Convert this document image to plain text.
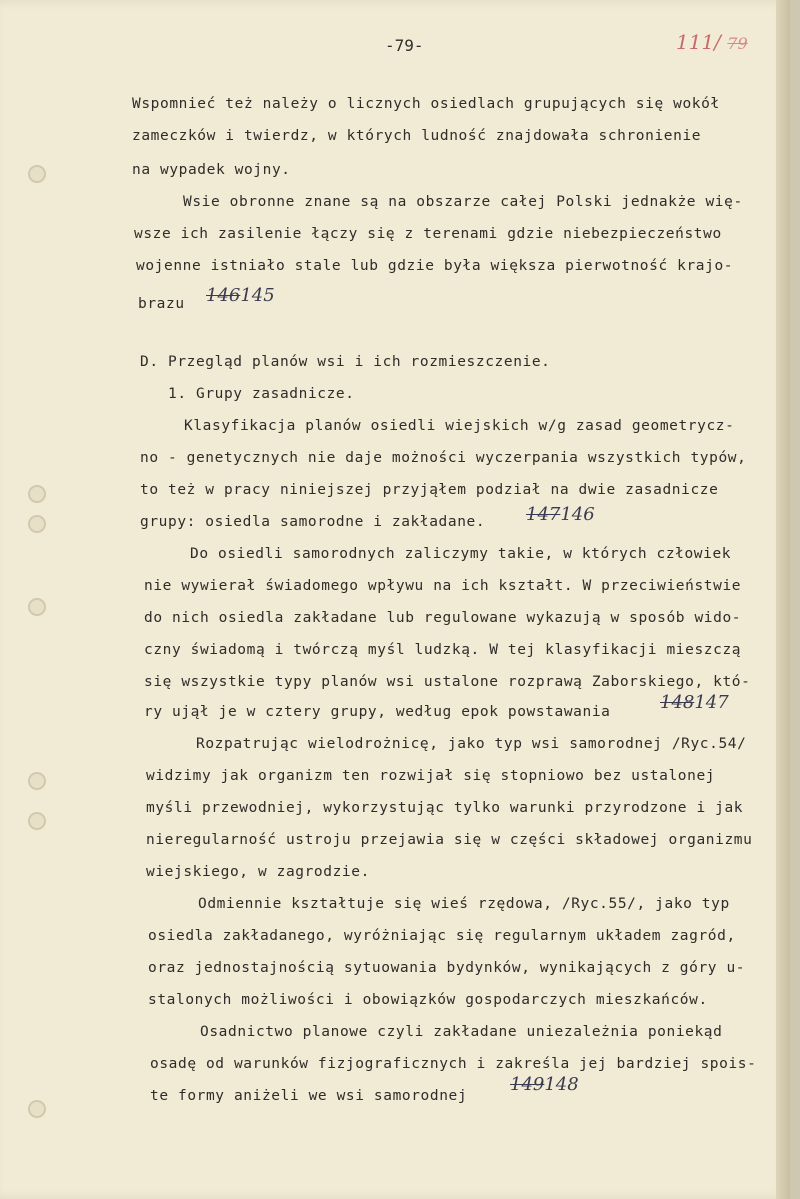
-79-	111/ 79
Wspomnieć też należy o licznych osiedlach grupujących się wokół
zameczków i twierdz, w których ludność znajdowała schronienie
na wypadek wojny.
Wsie obronne znane są na obszarze całej Polski jednakże wię-
wsze ich zasilenie łączy się z terenami gdzie niebezpieczeństwo
wojenne istniało stale lub gdzie była większa pierwotność krajo-
brazu 146145
D. Przegląd planów wsi i ich rozmieszczenie.
1. Grupy zasadnicze.
Klasyfikacja planów osiedli wiejskich w/g zasad geometrycz-
no - genetycznych nie daje możności wyczerpania wszystkich typów,
to też w pracy niniejszej przyjąłem podział na dwie zasadnicze
grupy: osiedla samorodne i zakładane. 147146
Do osiedli samorodnych zaliczymy takie, w których człowiek
nie wywierał świadomego wpływu na ich kształt. W przeciwieństwie
do nich osiedla zakładane lub regulowane wykazują w sposób wido-
czny świadomą i twórczą myśl ludzką. W tej klasyfikacji mieszczą
się wszystkie typy planów wsi ustalone rozprawą Zaborskiego, któ-
ry ujął je w cztery grupy, według epok powstawania	148147
Rozpatrując wielodrożnicę, jako typ wsi samorodnej /Ryc.54/
widzimy jak organizm ten rozwijał się stopniowo bez ustalonej
myśli przewodniej, wykorzystując tylko warunki przyrodzone i jak
nieregularność ustroju przejawia się w części składowej organizmu
wiejskiego, w zagrodzie.
Odmiennie kształtuje się wieś rzędowa, /Ryc.55/, jako typ
osiedla zakładanego, wyróżniając się regularnym układem zagród,
oraz jednostajnością sytuowania bydynków, wynikających z góry u-
stalonych możliwości i obowiązków gospodarczych mieszkańców.
Osadnictwo planowe czyli zakładane uniezależnia poniekąd
osadę od warunków fizjograficznych i zakreśla jej bardziej spois-
te formy aniżeli we wsi samorodnej
149148
